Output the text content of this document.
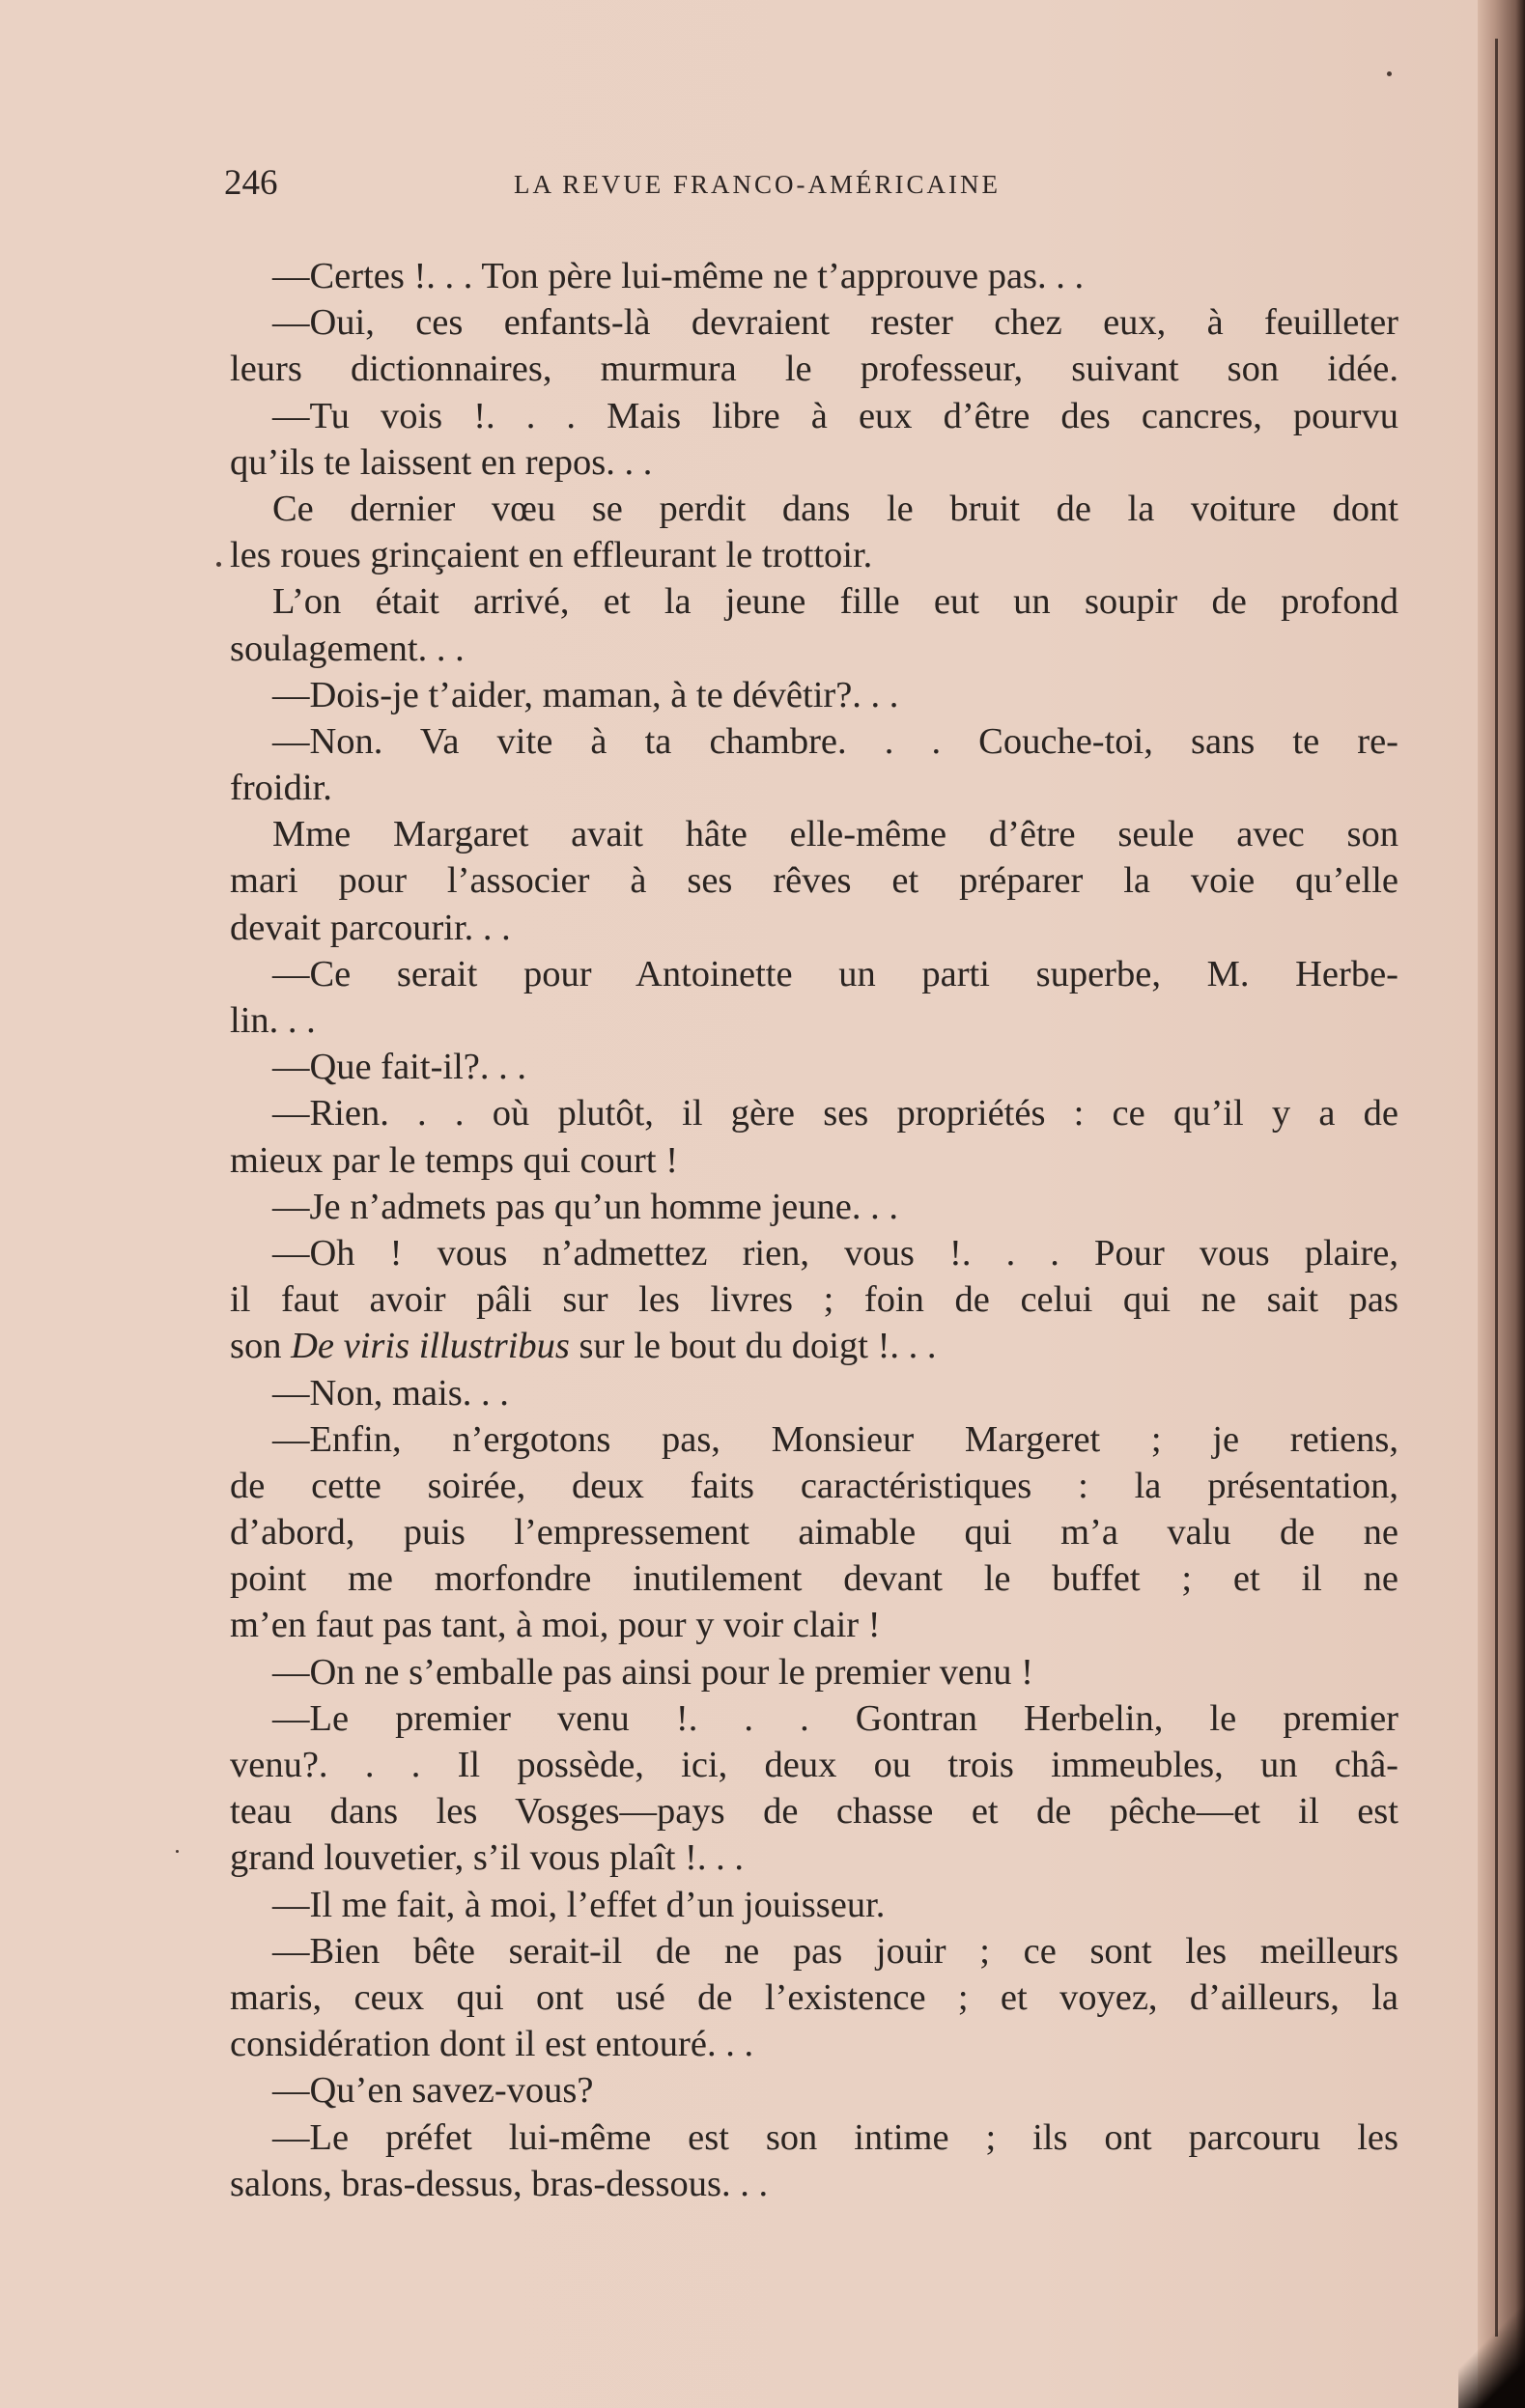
246	LA REVUE FRANCO-AMÉRICAINE
—Certes !. . . Ton père lui-même ne t’approuve pas. . .
—Oui, ces enfants-là devraient rester chez eux, à feuilleter
leurs dictionnaires, murmura le professeur, suivant son idée.
—Tu vois !. . . Mais libre à eux d’être des cancres, pourvu
qu’ils te laissent en repos. . .
Ce dernier vœu se perdit dans le bruit de la voiture dont
les roues grinçaient en effleurant le trottoir.
L’on était arrivé, et la jeune fille eut un soupir de profond
soulagement. . .
—Dois-je t’aider, maman, à te dévêtir?. . .
—Non. Va vite à ta chambre. . . Couche-toi, sans te re-
froidir.
Mme Margaret avait hâte elle-même d’être seule avec son
mari pour l’associer à ses rêves et préparer la voie qu’elle
devait parcourir. . .
—Ce serait pour Antoinette un parti superbe, M. Herbe-
lin. . .
—Que fait-il?. . .
—Rien. . . où plutôt, il gère ses propriétés : ce qu’il y a de
mieux par le temps qui court !
—Je n’admets pas qu’un homme jeune. . .
—Oh ! vous n’admettez rien, vous !. . . Pour vous plaire,
il faut avoir pâli sur les livres ; foin de celui qui ne sait pas
son De viris illustribus sur le bout du doigt !. . .
—Non, mais. . .
—Enfin, n’ergotons pas, Monsieur Margeret ; je retiens,
de cette soirée, deux faits caractéristiques : la présentation,
d’abord, puis l’empressement aimable qui m’a valu de ne
point me morfondre inutilement devant le buffet ; et il ne
m’en faut pas tant, à moi, pour y voir clair !
—On ne s’emballe pas ainsi pour le premier venu !
—Le premier venu !. . . Gontran Herbelin, le premier
venu?. . . Il possède, ici, deux ou trois immeubles, un châ-
teau dans les Vosges—pays de chasse et de pêche—et il est
grand louvetier, s’il vous plaît !. . .
—Il me fait, à moi, l’effet d’un jouisseur.
—Bien bête serait-il de ne pas jouir ; ce sont les meilleurs
maris, ceux qui ont usé de l’existence ; et voyez, d’ailleurs, la
considération dont il est entouré. . .
—Qu’en savez-vous?
—Le préfet lui-même est son intime ; ils ont parcouru les
salons, bras-dessus, bras-dessous. . .
